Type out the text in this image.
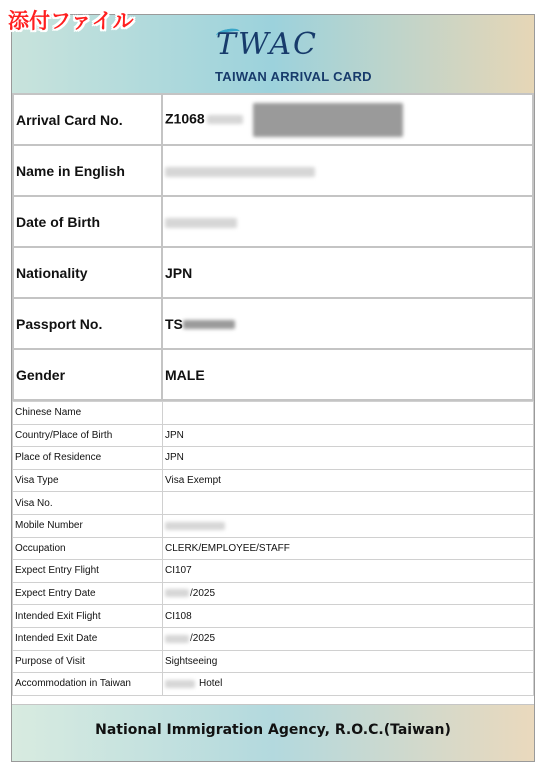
TWAC
TAIWAN ARRIVAL CARD
Arrival Card No.	Z1068
Name in English	
Date of Birth	
Nationality	JPN
Passport No.	TS
Gender	MALE
Chinese Name	
Country/Place of Birth	JPN
Place of Residence	JPN
Visa Type	Visa Exempt
Visa No.	
Mobile Number	
Occupation	CLERK/EMPLOYEE/STAFF
Expect Entry Flight	CI107
Expect Entry Date	/2025
Intended Exit Flight	CI108
Intended Exit Date	/2025
Purpose of Visit	Sightseeing
Accommodation in Taiwan	Hotel
National Immigration Agency, R.O.C.(Taiwan)
添付ファイル
